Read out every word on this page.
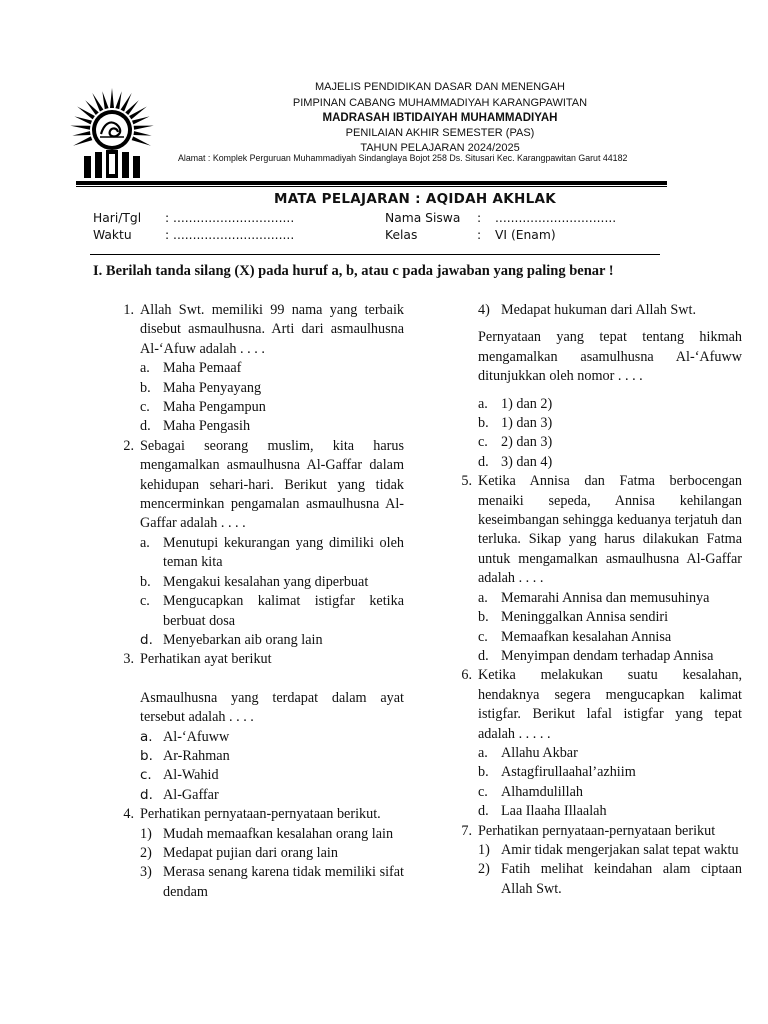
MAJELIS PENDIDIKAN DASAR DAN MENENGAH
PIMPINAN CABANG MUHAMMADIYAH KARANGPAWITAN
MADRASAH IBTIDAIYAH MUHAMMADIYAH
PENILAIAN AKHIR SEMESTER (PAS)
TAHUN PELAJARAN 2024/2025
Alamat : Komplek Perguruan Muhammadiyah Sindanglaya Bojot 258 Ds. Situsari Kec. Karangpawitan Garut 44182
MATA PELAJARAN : AQIDAH AKHLAK
Hari/Tgl : ...............................
Waktu	: ...............................
Nama Siswa : ...............................
Kelas	: VI (Enam)
I. Berilah tanda silang (X) pada huruf a, b, atau c pada jawaban yang paling benar !
1. Allah Swt. memiliki 99 nama yang terbaik disebut asmaulhusna. Arti dari asmaulhusna Al-‘Afuw adalah . . . .
a. Maha Pemaaf
b. Maha Penyayang
c. Maha Pengampun
d. Maha Pengasih
2. Sebagai seorang muslim, kita harus mengamalkan asmaulhusna Al-Gaffar dalam kehidupan sehari-hari. Berikut yang tidak mencerminkan pengamalan asmaulhusna Al-Gaffar adalah . . . .
a. Menutupi kekurangan yang dimiliki oleh teman kita
b. Mengakui kesalahan yang diperbuat
c. Mengucapkan kalimat istigfar ketika berbuat dosa
d. Menyebarkan aib orang lain
3. Perhatikan ayat berikut
Asmaulhusna yang terdapat dalam ayat tersebut adalah . . . .
a. Al-‘Afuww
b. Ar-Rahman
c. Al-Wahid
d. Al-Gaffar
4. Perhatikan pernyataan-pernyataan berikut.
1) Mudah memaafkan kesalahan orang lain
2) Medapat pujian dari orang lain
3) Merasa senang karena tidak memiliki sifat dendam
4) Medapat hukuman dari Allah Swt.
Pernyataan yang tepat tentang hikmah mengamalkan asamulhusna Al-‘Afuww ditunjukkan oleh nomor . . . .
a. 1) dan 2)
b. 1) dan 3)
c. 2) dan 3)
d. 3) dan 4)
5. Ketika Annisa dan Fatma berbocengan menaiki sepeda, Annisa kehilangan keseimbangan sehingga keduanya terjatuh dan terluka. Sikap yang harus dilakukan Fatma untuk mengamalkan asmaulhusna Al-Gaffar adalah . . . .
a. Memarahi Annisa dan memusuhinya
b. Meninggalkan Annisa sendiri
c. Memaafkan kesalahan Annisa
d. Menyimpan dendam terhadap Annisa
6. Ketika melakukan suatu kesalahan, hendaknya segera mengucapkan kalimat istigfar. Berikut lafal istigfar yang tepat adalah . . . . .
a. Allahu Akbar
b. Astagfirullaahal’azhiim
c. Alhamdulillah
d. Laa Ilaaha Illaalah
7. Perhatikan pernyataan-pernyataan berikut
1) Amir tidak mengerjakan salat tepat waktu
2) Fatih melihat keindahan alam ciptaan Allah Swt.
